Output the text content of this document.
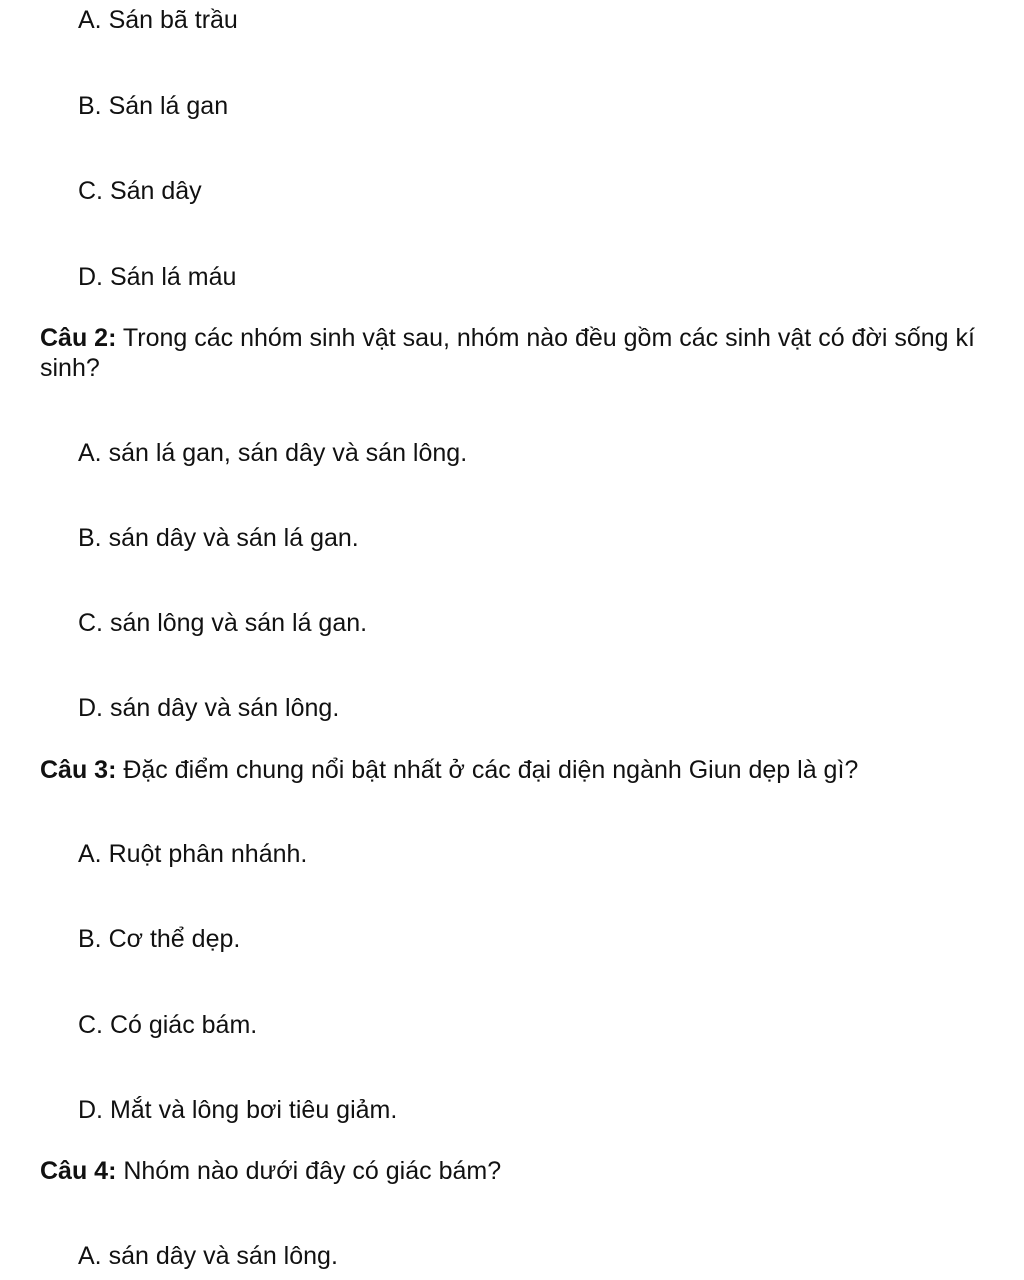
A. Sán bã trầu
B. Sán lá gan
C. Sán dây
D. Sán lá máu
Câu 2: Trong các nhóm sinh vật sau, nhóm nào đều gồm các sinh vật có đời sống kí sinh?
A. sán lá gan, sán dây và sán lông.
B. sán dây và sán lá gan.
C. sán lông và sán lá gan.
D. sán dây và sán lông.
Câu 3: Đặc điểm chung nổi bật nhất ở các đại diện ngành Giun dẹp là gì?
A. Ruột phân nhánh.
B. Cơ thể dẹp.
C. Có giác bám.
D. Mắt và lông bơi tiêu giảm.
Câu 4: Nhóm nào dưới đây có giác bám?
A. sán dây và sán lông.
